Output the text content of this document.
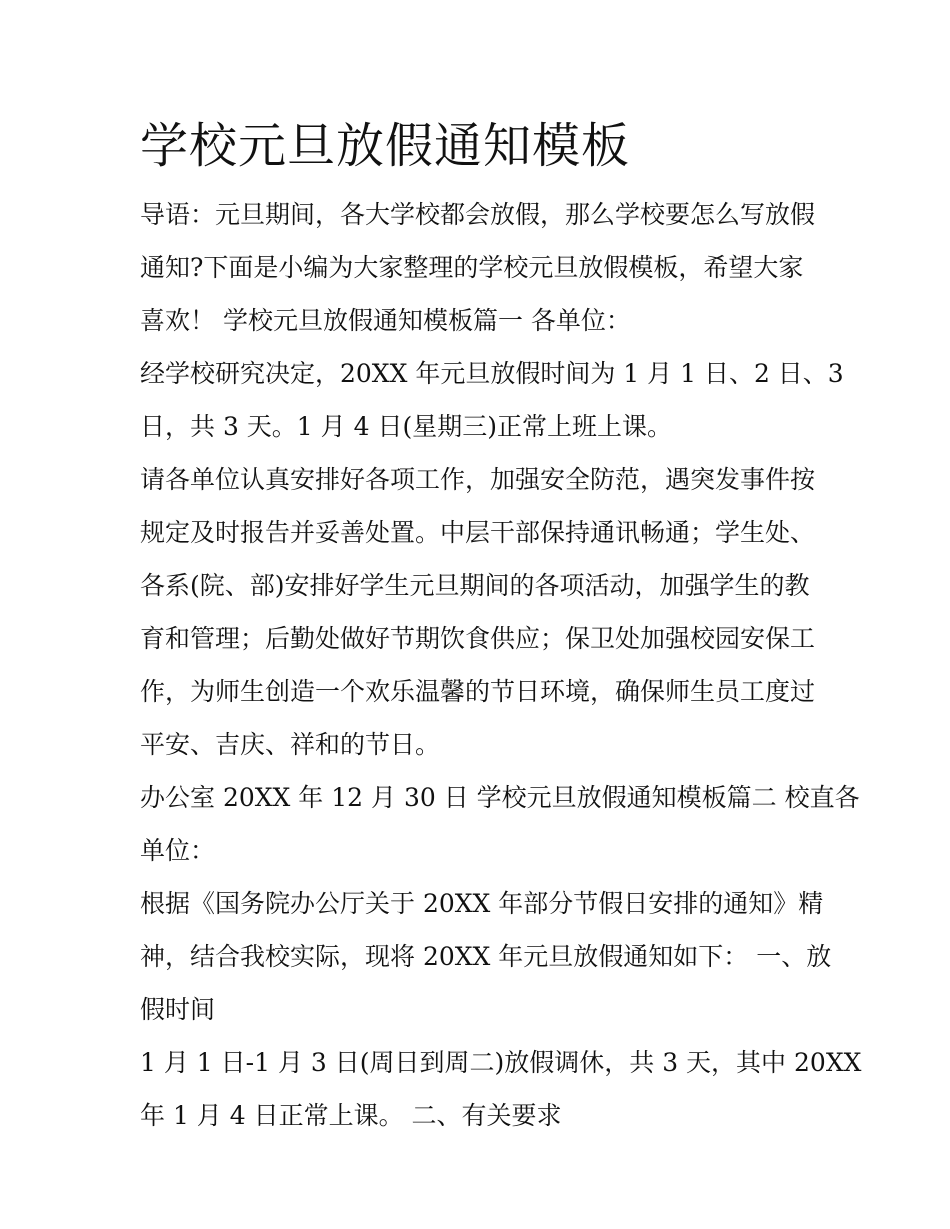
学校元旦放假通知模板

导语：元旦期间，各大学校都会放假，那么学校要怎么写放假
通知?下面是小编为大家整理的学校元旦放假模板，希望大家
喜欢！ 学校元旦放假通知模板篇一 各单位：

经学校研究决定，20XX 年元旦放假时间为 1 月 1 日、2 日、3
日，共 3 天。1 月 4 日(星期三)正常上班上课。

请各单位认真安排好各项工作，加强安全防范，遇突发事件按
规定及时报告并妥善处置。中层干部保持通讯畅通；学生处、
各系(院、部)安排好学生元旦期间的各项活动，加强学生的教
育和管理；后勤处做好节期饮食供应；保卫处加强校园安保工
作，为师生创造一个欢乐温馨的节日环境，确保师生员工度过
平安、吉庆、祥和的节日。

办公室 20XX 年 12 月 30 日 学校元旦放假通知模板篇二 校直各
单位：

根据《国务院办公厅关于 20XX 年部分节假日安排的通知》精
神，结合我校实际，现将 20XX 年元旦放假通知如下： 一、放
假时间

1 月 1 日-1 月 3 日(周日到周二)放假调休，共 3 天，其中 20XX
年 1 月 4 日正常上课。 二、有关要求
